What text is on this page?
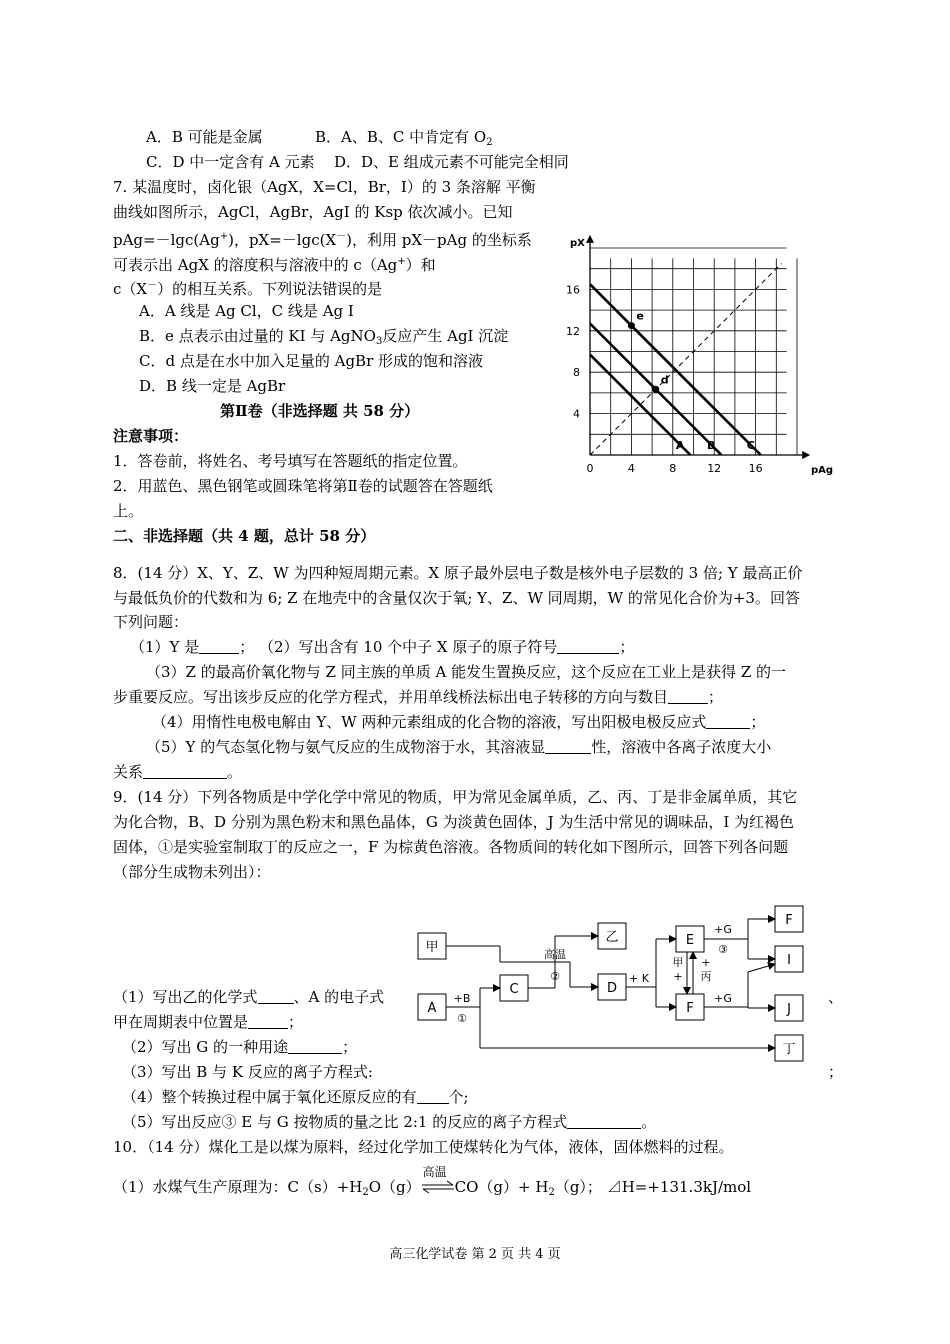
A．B 可能是金属	B．A、B、C 中肯定有 $O_2$
C．D 中一定含有 A 元素 D．D、E 组成元素不可能完全相同
7. 某温度时，卤化银（AgX，X=Cl，Br，I）的 3 条溶解 平衡
曲线如图所示，AgCl，AgBr，AgI 的 Ksp 依次减小。已知
pAg=－lgc(Ag+)，pX=－lgc(X－)，利用 pX－pAg 的坐标系
可表示出 AgX 的溶度积与溶液中的 c（Ag+）和
c（X－）的相互关系。下列说法错误的是
A．A 线是 Ag Cl，C 线是 Ag I
B．e 点表示由过量的 KI 与 AgNO$_3$反应产生 AgI 沉淀
C．d 点是在水中加入足量的 AgBr 形成的饱和溶液
D．B 线一定是 AgBr
0	4	8	12 16
4
8
12
16
pAg
pX
A B	C
e
d
第Ⅱ卷（非选择题 共 58 分）
注意事项：
1．答卷前，将姓名、考号填写在答题纸的指定位置。
2．用蓝色、黑色钢笔或圆珠笔将第Ⅱ卷的试题答在答题纸
上。
二、非选择题（共 4 题，总计 58 分）
8．(14 分）X、Y、Z、W 为四种短周期元素。X 原子最外层电子数是核外电子层数的 3 倍; Y 最高正价
与最低负价的代数和为 6; Z 在地壳中的含量仅次于氧; Y、Z、W 同周期，W 的常见化合价为+3。回答
下列问题：
（1）Y 是	； （2）写出含有 10 个中子 X 原子的原子符号	；
（3）Z 的最高价氧化物与 Z 同主族的单质 A 能发生置换反应，这个反应在工业上是获得 Z 的一
步重要反应。写出该步反应的化学方程式，并用单线桥法标出电子转移的方向与数目	；
（4）用惰性电极电解由 Y、W 两种元素组成的化合物的溶液，写出阳极电极反应式	；
（5）Y 的气态氢化物与氨气反应的生成物溶于水，其溶液显	性，溶液中各离子浓度大小
关系	。
9．(14 分）下列各物质是中学化学中常见的物质，甲为常见金属单质，乙、丙、丁是非金属单质，其它
为化合物，B、D 分别为黑色粉末和黑色晶体，G 为淡黄色固体，J 为生活中常见的调味品，I 为红褐色
固体，①是实验室制取丁的反应之一，F 为棕黄色溶液。各物质间的转化如下图所示，回答下列各问题
（部分生成物未列出）：
甲
A
C
乙
D
E
F
F
I
J
丁
+B
①
高温
②	+ K
+G
③
+G
甲
+
+
丙
（1）写出乙的化学式 、A 的电子式	、
甲在周期表中位置是	；
（2）写出 G 的一种用途	；
（3）写出 B 与 K 反应的离子方程式:	；
（4）整个转换过程中属于氧化还原反应的有 个;
（5）写出反应③ E 与 G 按物质的量之比 2:1 的反应的离子方程式	。
10．（14 分）煤化工是以煤为原料，经过化学加工使煤转化为气体，液体，固体燃料的过程。
（1）水煤气生产原理为：$C(s)+H_2O(g)$
高温
$CO(g)+ H_2(g)$； ⊿H=+131.3kJ/mol
高三化学试卷 第 2 页 共 4 页
